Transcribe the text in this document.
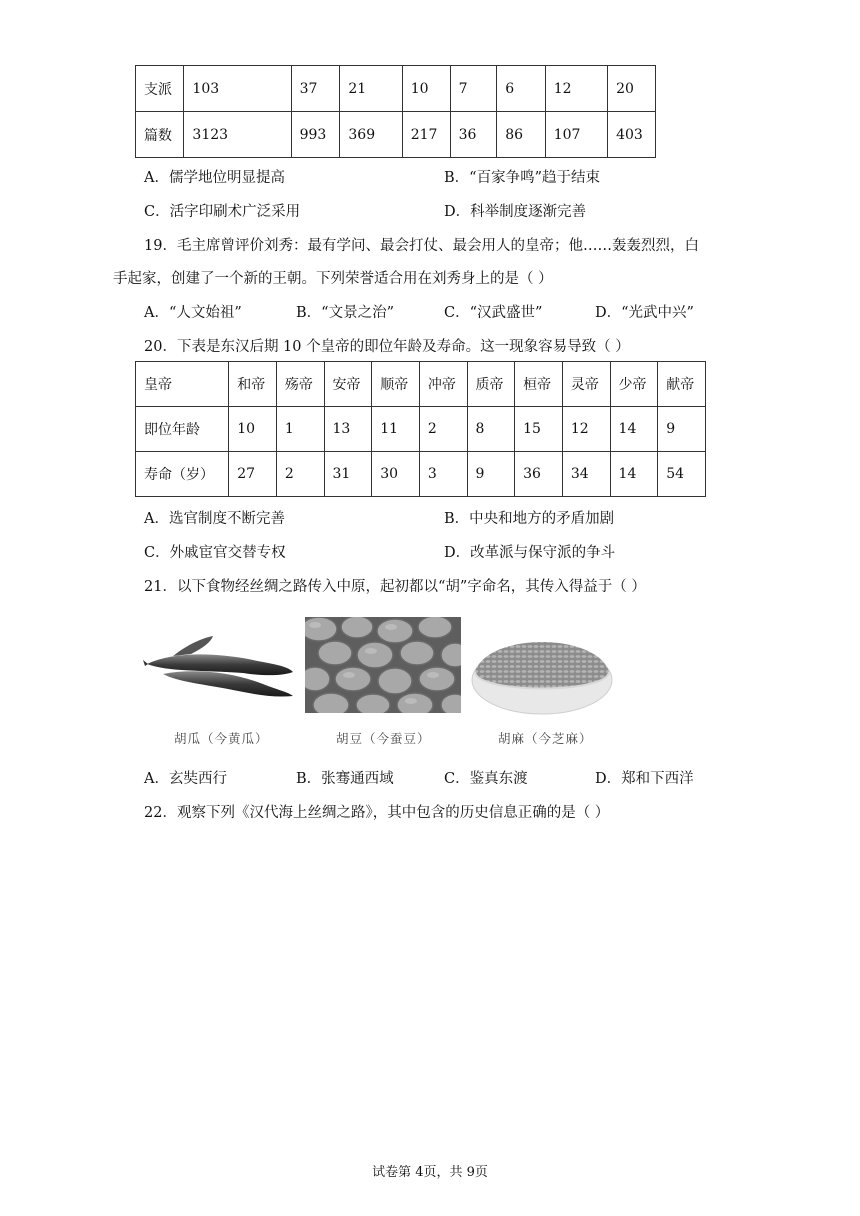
支派	103	37	21	10	7	6	12	20
篇数	3123	993	369	217	36	86	107	403
A．儒学地位明显提高	B．“百家争鸣”趋于结束
C．活字印刷术广泛采用	D．科举制度逐渐完善
19．毛主席曾评价刘秀：最有学问、最会打仗、最会用人的皇帝；他……轰轰烈烈，白
手起家，创建了一个新的王朝。下列荣誉适合用在刘秀身上的是（ ）
A．“人文始祖”	B．“文景之治”	C．“汉武盛世”	D．“光武中兴”
20．下表是东汉后期 10 个皇帝的即位年龄及寿命。这一现象容易导致（ ）
皇帝	和帝	殇帝	安帝	顺帝	冲帝	质帝	桓帝	灵帝	少帝	献帝
即位年龄	10	1	13	11	2	8	15	12	14	9
寿命（岁）	27	2	31	30	3	9	36	34	14	54
A．选官制度不断完善	B．中央和地方的矛盾加剧
C．外戚宦官交替专权	D．改革派与保守派的争斗
21．以下食物经丝绸之路传入中原，起初都以“胡”字命名，其传入得益于（ ）
胡瓜（今黄瓜）	胡豆（今蚕豆）	胡麻（今芝麻）
A．玄奘西行	B．张骞通西域	C．鉴真东渡	D．郑和下西洋
22．观察下列《汉代海上丝绸之路》，其中包含的历史信息正确的是（ ）
试卷第 4页，共 9页
